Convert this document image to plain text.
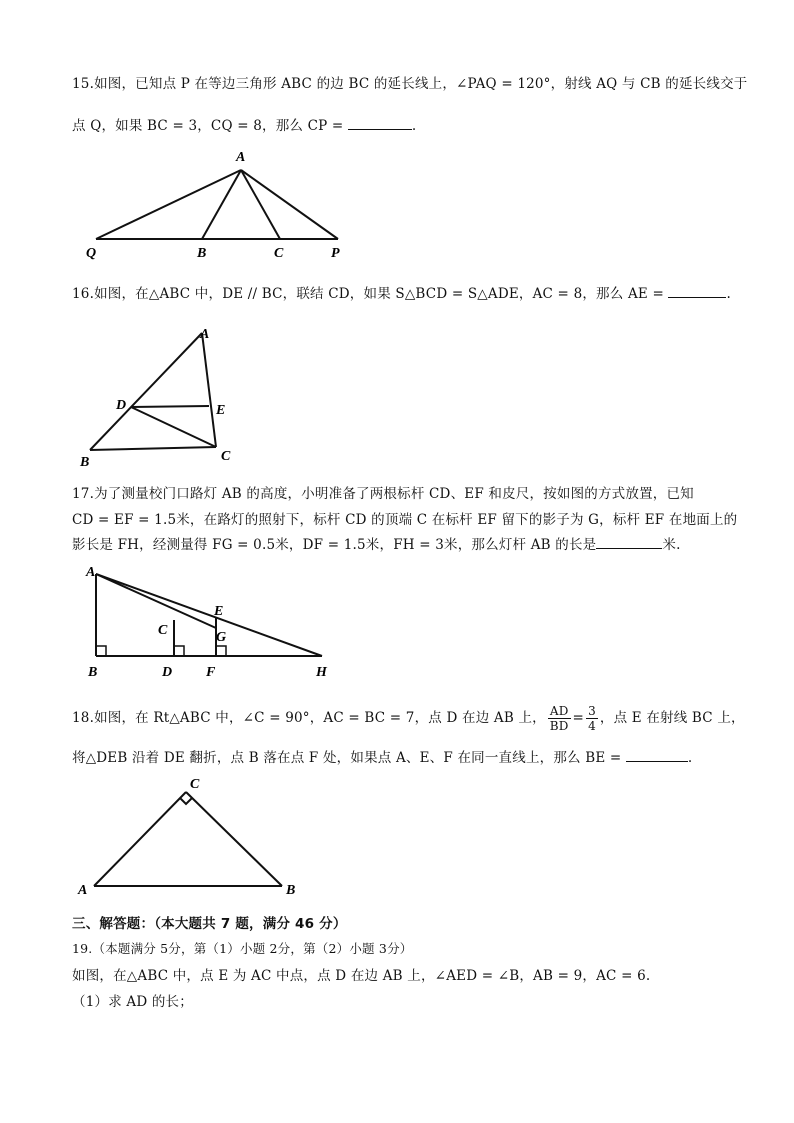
15.如图，已知点 P 在等边三角形 ABC 的边 BC 的延长线上，∠PAQ = 120°，射线 AQ 与 CB 的延长线交于
点 Q，如果 BC = 3，CQ = 8，那么 CP =	.
A
Q	B	C	P
16.如图，在△ABC 中，DE // BC，联结 CD，如果 S△BCD = S△ADE，AC = 8，那么 AE =	.
A
D	E
B	C
17.为了测量校门口路灯 AB 的高度，小明准备了两根标杆 CD、EF 和皮尺，按如图的方式放置，已知
CD = EF = 1.5米，在路灯的照射下，标杆 CD 的顶端 C 在标杆 EF 留下的影子为 G，标杆 EF 在地面上的
影长是 FH，经测量得 FG = 0.5米，DF = 1.5米，FH = 3米，那么灯杆 AB 的长是	米.
A
B
C
D
E
G
F	H
18.如图，在 Rt△ABC 中，∠C = 90°，AC = BC = 7，点 D 在边 AB 上， $\frac{AD}{BD} = \frac{3}{4}$ ，点 E 在射线 BC 上，
将△DEB 沿着 DE 翻折，点 B 落在点 F 处，如果点 A、E、F 在同一直线上，那么 BE =	.
C
A	B
三、解答题：（本大题共 7 题，满分 46 分）
19.（本题满分 5分，第（1）小题 2分，第（2）小题 3分）
如图，在△ABC 中，点 E 为 AC 中点，点 D 在边 AB 上，∠AED = ∠B，AB = 9，AC = 6.
（1）求 AD 的长；
